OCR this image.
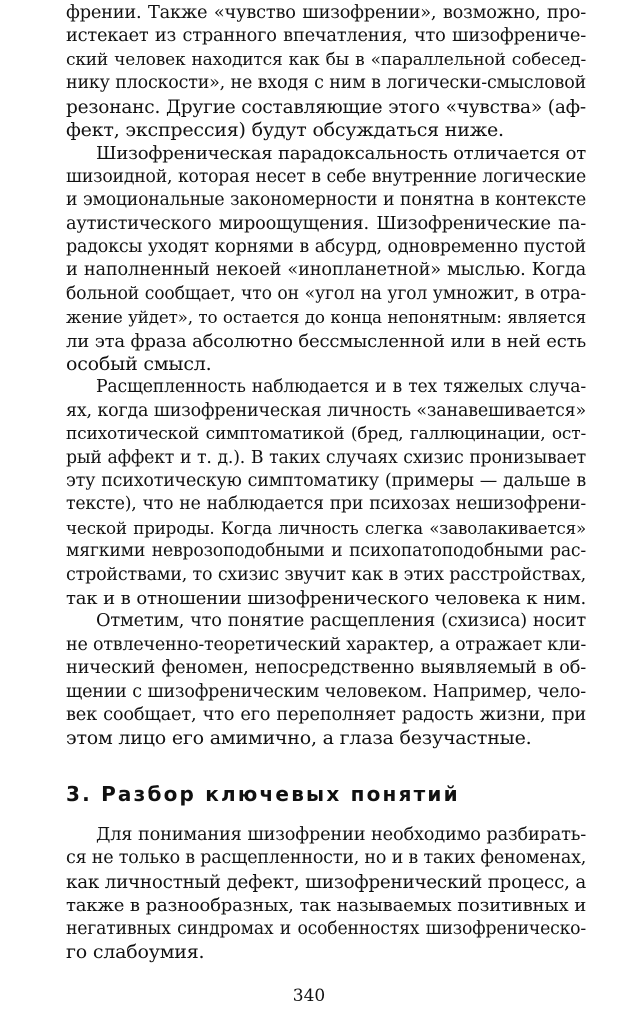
френии. Также «чувство шизофрении», возможно, про-
истекает из странного впечатления, что шизофрениче-
ский человек находится как бы в «параллельной собесед-
нику плоскости», не входя с ним в логически-смысловой
резонанс. Другие составляющие этого «чувства» (аф-
фект, экспрессия) будут обсуждаться ниже.
Шизофреническая парадоксальность отличается от
шизоидной, которая несет в себе внутренние логические
и эмоциональные закономерности и понятна в контексте
аутистического мироощущения. Шизофренические па-
радоксы уходят корнями в абсурд, одновременно пустой
и наполненный некоей «инопланетной» мыслью. Когда
больной сообщает, что он «угол на угол умножит, в отра-
жение уйдет», то остается до конца непонятным: является
ли эта фраза абсолютно бессмысленной или в ней есть
особый смысл.
Расщепленность наблюдается и в тех тяжелых случа-
ях, когда шизофреническая личность «занавешивается»
психотической симптоматикой (бред, галлюцинации, ост-
рый аффект и т. д.). В таких случаях схизис пронизывает
эту психотическую симптоматику (примеры — дальше в
тексте), что не наблюдается при психозах нешизофрени-
ческой природы. Когда личность слегка «заволакивается»
мягкими неврозоподобными и психопатоподобными рас-
стройствами, то схизис звучит как в этих расстройствах,
так и в отношении шизофренического человека к ним.
Отметим, что понятие расщепления (схизиса) носит
не отвлеченно-теоретический характер, а отражает кли-
нический феномен, непосредственно выявляемый в об-
щении с шизофреническим человеком. Например, чело-
век сообщает, что его переполняет радость жизни, при
этом лицо его амимично, а глаза безучастные.
3. Разбор ключевых понятий
Для понимания шизофрении необходимо разбирать-
ся не только в расщепленности, но и в таких феноменах,
как личностный дефект, шизофренический процесс, а
также в разнообразных, так называемых позитивных и
негативных синдромах и особенностях шизофреническо-
го слабоумия.
340
